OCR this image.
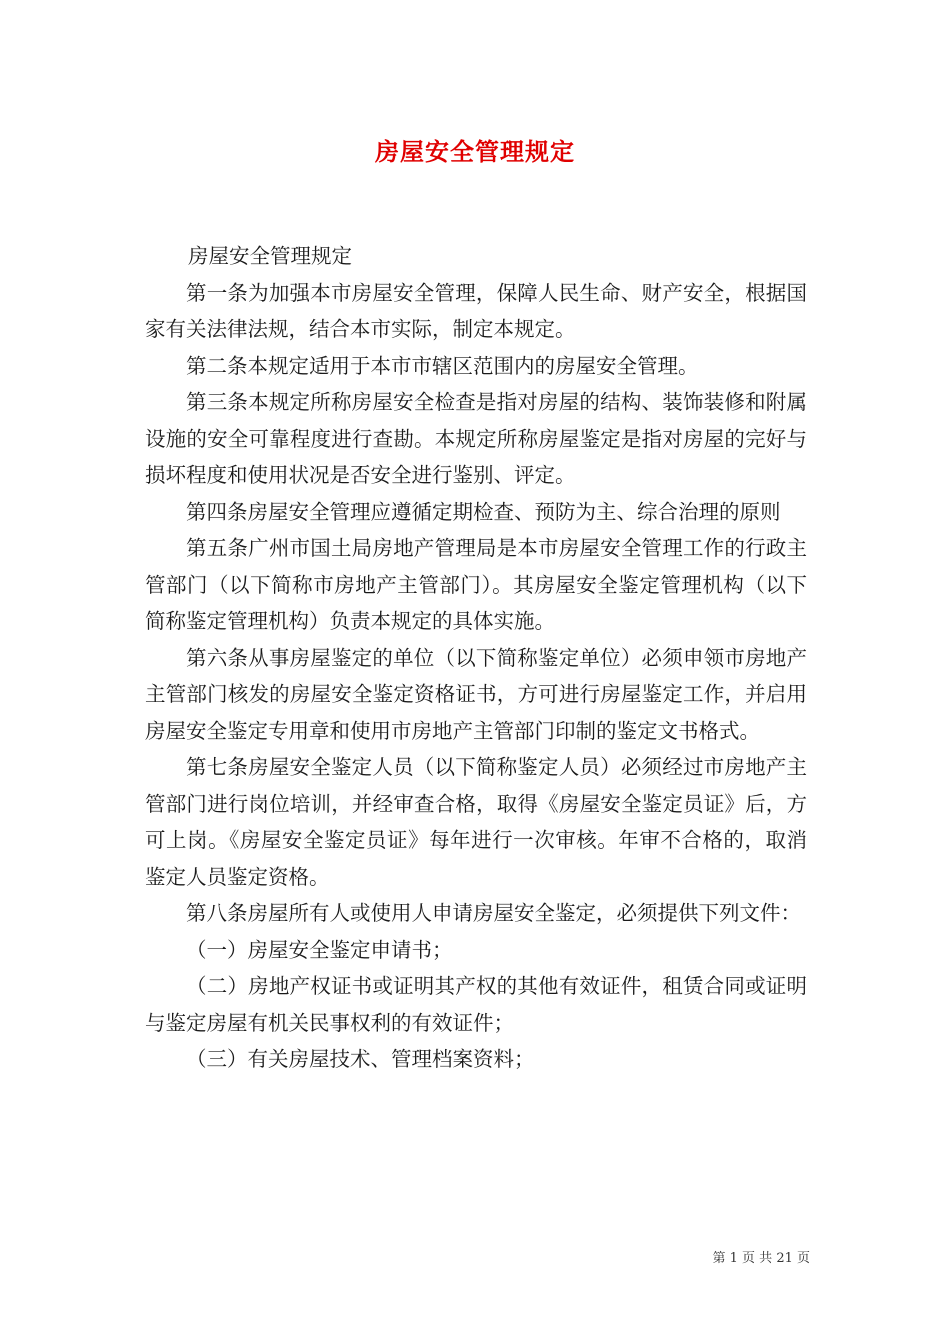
房屋安全管理规定

房屋安全管理规定

第一条为加强本市房屋安全管理，保障人民生命、财产安全，根据国家有关法律法规，结合本市实际，制定本规定。

第二条本规定适用于本市市辖区范围内的房屋安全管理。

第三条本规定所称房屋安全检查是指对房屋的结构、装饰装修和附属设施的安全可靠程度进行查勘。本规定所称房屋鉴定是指对房屋的完好与损坏程度和使用状况是否安全进行鉴别、评定。

第四条房屋安全管理应遵循定期检查、预防为主、综合治理的原则

第五条广州市国土局房地产管理局是本市房屋安全管理工作的行政主管部门（以下简称市房地产主管部门）。其房屋安全鉴定管理机构（以下简称鉴定管理机构）负责本规定的具体实施。

第六条从事房屋鉴定的单位（以下简称鉴定单位）必须申领市房地产主管部门核发的房屋安全鉴定资格证书，方可进行房屋鉴定工作，并启用房屋安全鉴定专用章和使用市房地产主管部门印制的鉴定文书格式。

第七条房屋安全鉴定人员（以下简称鉴定人员）必须经过市房地产主管部门进行岗位培训，并经审查合格，取得《房屋安全鉴定员证》后，方可上岗。《房屋安全鉴定员证》每年进行一次审核。年审不合格的，取消鉴定人员鉴定资格。

第八条房屋所有人或使用人申请房屋安全鉴定，必须提供下列文件：

（一）房屋安全鉴定申请书；

（二）房地产权证书或证明其产权的其他有效证件，租赁合同或证明与鉴定房屋有机关民事权利的有效证件；

（三）有关房屋技术、管理档案资料；

第 1 页 共 21 页
